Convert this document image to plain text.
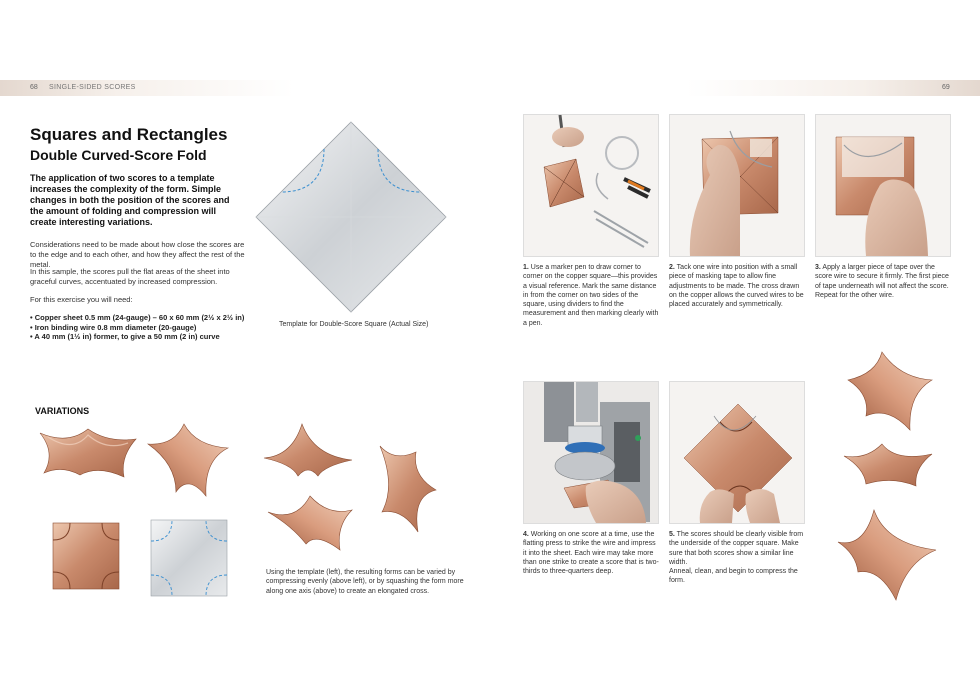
68 SINGLE-SIDED SCORES	69
Squares and Rectangles
Double Curved-Score Fold
The application of two scores to a template increases the complexity of the form. Simple changes in both the position of the scores and the amount of folding and compression will create interesting variations.
Considerations need to be made about how close the scores are to the edge and to each other, and how they affect the rest of the metal.
In this sample, the scores pull the flat areas of the sheet into graceful curves, accentuated by increased compression.
For this exercise you will need:
• Copper sheet 0.5 mm (24-gauge) – 60 x 60 mm (2½ x 2½ in)
• Iron binding wire 0.8 mm diameter (20-gauge)
• A 40 mm (1½ in) former, to give a 50 mm (2 in) curve
Template for Double-Score Square (Actual Size)
VARIATIONS
Using the template (left), the resulting forms can be varied by compressing evenly (above left), or by squashing the form more along one axis (above) to create an elongated cross.
1. Use a marker pen to draw corner to corner on the copper square—this provides a visual reference. Mark the same distance in from the corner on two sides of the square, using dividers to find the measurement and then marking clearly with a pen.
2. Tack one wire into position with a small piece of masking tape to allow fine adjustments to be made. The cross drawn on the copper allows the curved wires to be placed accurately and symmetrically.
3. Apply a larger piece of tape over the score wire to secure it firmly. The first piece of tape underneath will not affect the score. Repeat for the other wire.
4. Working on one score at a time, use the flatting press to strike the wire and impress it into the sheet. Each wire may take more than one strike to create a score that is two-thirds to three-quarters deep.
5. The scores should be clearly visible from the underside of the copper square. Make sure that both scores show a similar line width.
Anneal, clean, and begin to compress the form.
